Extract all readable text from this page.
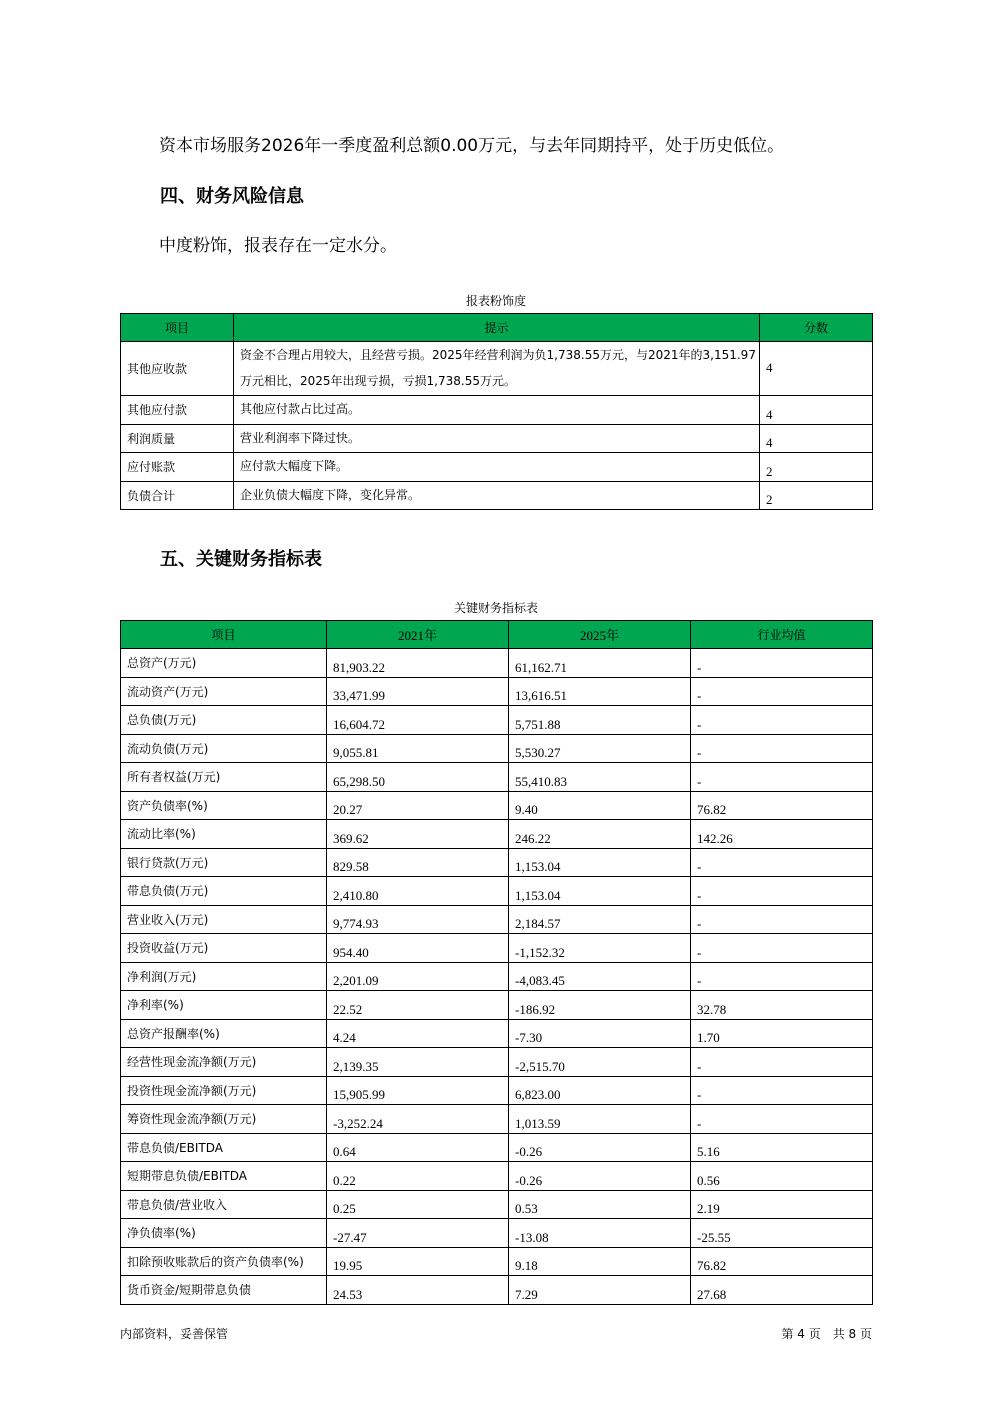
资本市场服务2026年一季度盈利总额0.00万元，与去年同期持平，处于历史低位。
四、财务风险信息
中度粉饰，报表存在一定水分。
报表粉饰度
项目	提示	分数
其他应收款	资金不合理占用较大，且经营亏损。2025年经营利润为负1,738.55万元，与2021年的3,151.97万元相比，2025年出现亏损，亏损1,738.55万元。	4
其他应付款	其他应付款占比过高。	4
利润质量	营业利润率下降过快。	4
应付账款	应付款大幅度下降。	2
负债合计	企业负债大幅度下降，变化异常。	2
五、关键财务指标表
关键财务指标表
项目	2021年	2025年	行业均值
总资产(万元)	81,903.22	61,162.71	-
流动资产(万元)	33,471.99	13,616.51	-
总负债(万元)	16,604.72	5,751.88	-
流动负债(万元)	9,055.81	5,530.27	-
所有者权益(万元)	65,298.50	55,410.83	-
资产负债率(%)	20.27	9.40	76.82
流动比率(%)	369.62	246.22	142.26
银行贷款(万元)	829.58	1,153.04	-
带息负债(万元)	2,410.80	1,153.04	-
营业收入(万元)	9,774.93	2,184.57	-
投资收益(万元)	954.40	-1,152.32	-
净利润(万元)	2,201.09	-4,083.45	-
净利率(%)	22.52	-186.92	32.78
总资产报酬率(%)	4.24	-7.30	1.70
经营性现金流净额(万元)	2,139.35	-2,515.70	-
投资性现金流净额(万元)	15,905.99	6,823.00	-
筹资性现金流净额(万元)	-3,252.24	1,013.59	-
带息负债/EBITDA	0.64	-0.26	5.16
短期带息负债/EBITDA	0.22	-0.26	0.56
带息负债/营业收入	0.25	0.53	2.19
净负债率(%)	-27.47	-13.08	-25.55
扣除预收账款后的资产负债率(%)	19.95	9.18	76.82
货币资金/短期带息负债	24.53	7.29	27.68
内部资料，妥善保管	第 4 页　共 8 页
